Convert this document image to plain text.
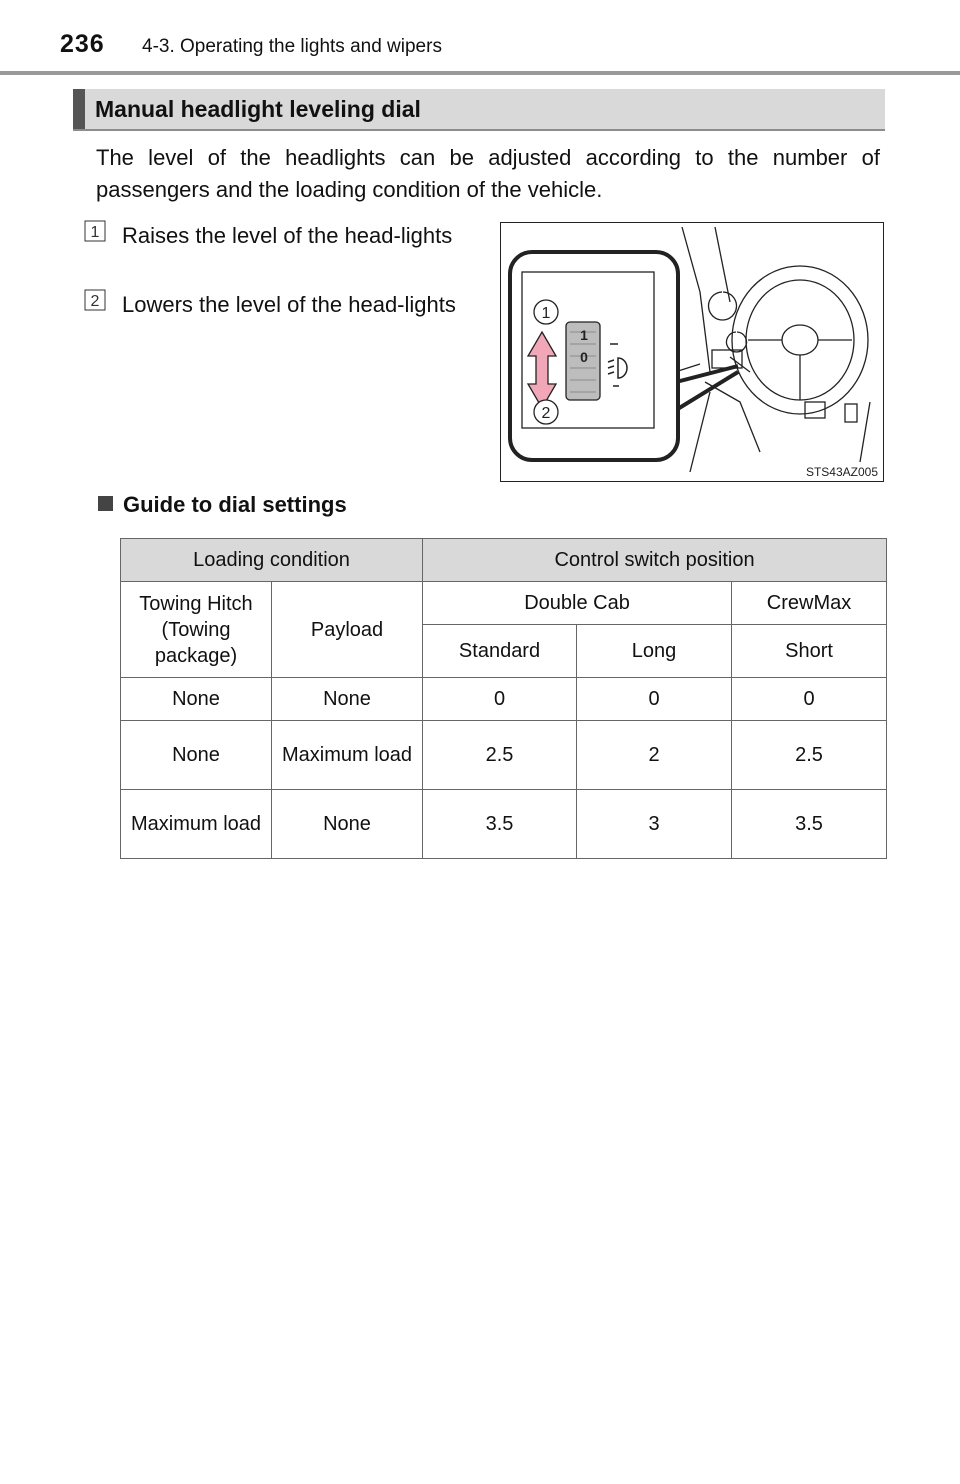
236 4-3. Operating the lights and wipers
Manual headlight leveling dial
The level of the headlights can be adjusted according to the number of passengers and the loading condition of the vehicle.
1 Raises the level of the head-lights
2 Lowers the level of the head-lights
1
0
1
2
STS43AZ005
Guide to dial settings
Loading condition		Control switch position		
Towing Hitch (Towing package)	Payload	Double Cab		CrewMax
		Standard	Long	Short
None	None	0	0	0
None	Maximum load	2.5	2	2.5
Maximum load	None	3.5	3	3.5
